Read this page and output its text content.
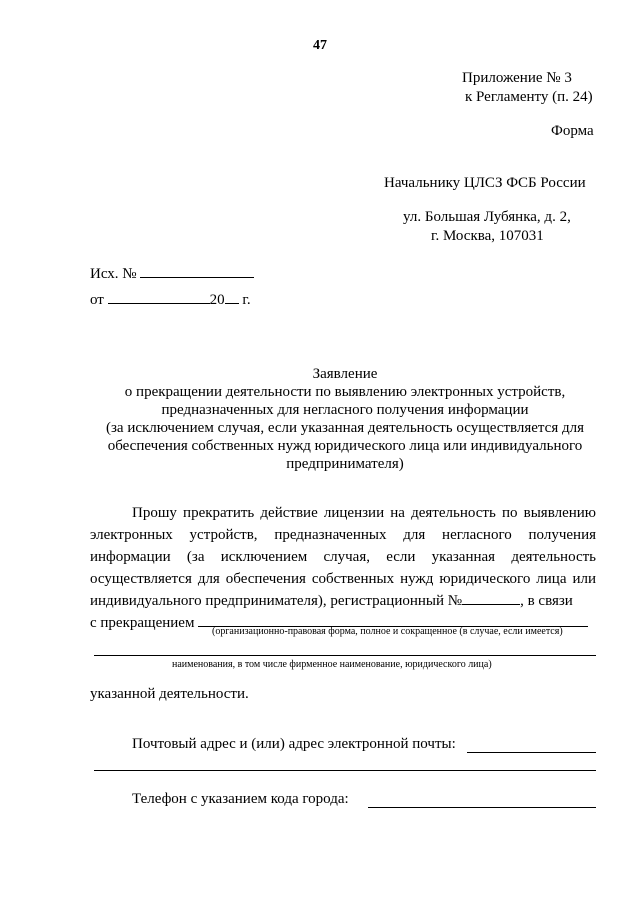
47
Приложение № 3
к Регламенту (п. 24)
Форма
Начальнику ЦЛСЗ ФСБ России
ул. Большая Лубянка, д. 2,
г. Москва, 107031
Исх. №
от	20 г.
Заявление
о прекращении деятельности по выявлению электронных устройств,
предназначенных для негласного получения информации
(за исключением случая, если указанная деятельность осуществляется для
обеспечения собственных нужд юридического лица или индивидуального
предпринимателя)
Прошу прекратить действие лицензии на деятельность по выявлению
электронных устройств, предназначенных для негласного получения
информации (за исключением случая, если указанная деятельность
осуществляется для обеспечения собственных нужд юридического лица или
индивидуального предпринимателя), регистрационный №	, в связи
с прекращением
(организационно-правовая форма, полное и сокращенное (в случае, если имеется)
наименования, в том числе фирменное наименование, юридического лица)
указанной деятельности.
Почтовый адрес и (или) адрес электронной почты:
Телефон с указанием кода города:
